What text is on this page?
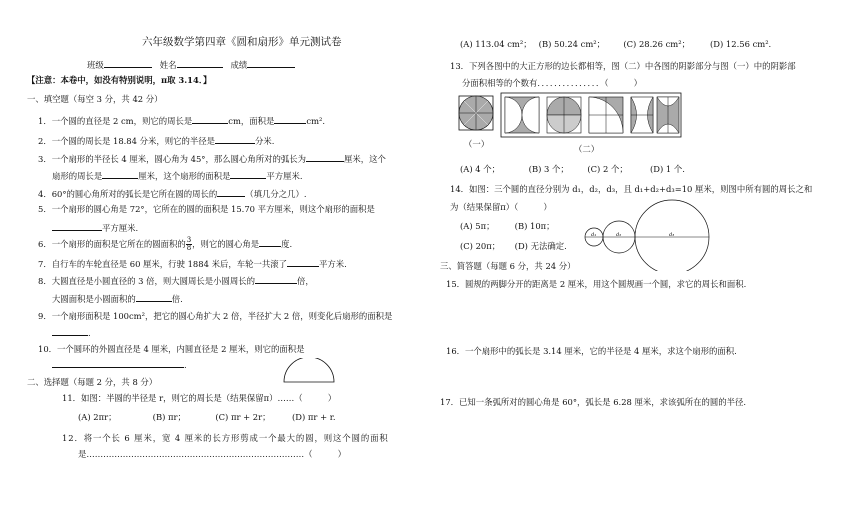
六年级数学第四章《圆和扇形》单元测试卷
班级	姓名	成绩
【注意：本卷中，如没有特别说明，π取 3.14．】
一、填空题（每空 3 分，共 42 分）
1．一个圆的直径是 2 cm，则它的周长是	cm，面积是	cm².
2．一个圆的周长是 18.84 分米，则它的半径是	分米.
3．一个扇形的半径长 4 厘米，圆心角为 45°，那么圆心角所对的弧长为	厘米，这个
扇形的周长是	厘米，这个扇形的面积是	平方厘米.
4．60°的圆心角所对的弧长是它所在圆的周长的	（填几分之几）.
5．一个扇形的圆心角是 72°，它所在的圆的面积是 15.70 平方厘米，则这个扇形的面积是
平方厘米.
6．一个扇形的面积是它所在的圆面积的 $\frac{3}{8}$ ，则它的圆心角是	度.
7．自行车的车轮直径是 60 厘米，行驶 1884 米后，车轮一共滚了	平方米.
8．大圆直径是小圆直径的 3 倍，则大圆周长是小圆周长的	倍，
大圆面积是小圆面积的	倍.
9．一个扇形面积是 100cm²，把它的圆心角扩大 2 倍，半径扩大 2 倍，则变化后扇形的面积是
.
10．一个圆环的外圆直径是 4 厘米，内圆直径是 2 厘米，则它的面积是
.
二、选择题（每题 2 分，共 8 分）
11．如图：半圆的半径是 r，则它的周长是（结果保留π）……（　　　）
(A) 2πr；	(B) πr；	(C) πr + 2r；	(D) πr + r.
12．将一个长 6 厘米，宽 4 厘米的长方形剪成一个最大的圆，则这个圆的面积
是……………………………………………………………………（　　　）
(A) 113.04 cm²； (B) 50.24 cm²； (C) 28.26 cm²； (D) 12.56 cm².
13．下列各图中的大正方形的边长都相等，图（二）中各图的阴影部分与图（一）中的阴影部
分面积相等的个数有．．．．．．．．．．．．．．．（　　　）
（一）	（二）
(A) 4 个；	(B) 3 个； (C) 2 个；	(D) 1 个.
14．如图：三个圆的直径分别为 d₁，d₂，d₃，且 d₁+d₂+d₃=10 厘米，则图中所有圆的周长之和
为（结果保留π）（　　　）
(A) 5π； (B) 10π；
(C) 20π； (D) 无法确定.
d₁	d₂	d₃
三、简答题（每题 6 分，共 24 分）
15．圆规的两脚分开的距离是 2 厘米，用这个圆规画一个圆，求它的周长和面积.
16．一个扇形中的弧长是 3.14 厘米，它的半径是 4 厘米，求这个扇形的面积.
17．已知一条弧所对的圆心角是 60°，弧长是 6.28 厘米，求该弧所在的圆的半径.
